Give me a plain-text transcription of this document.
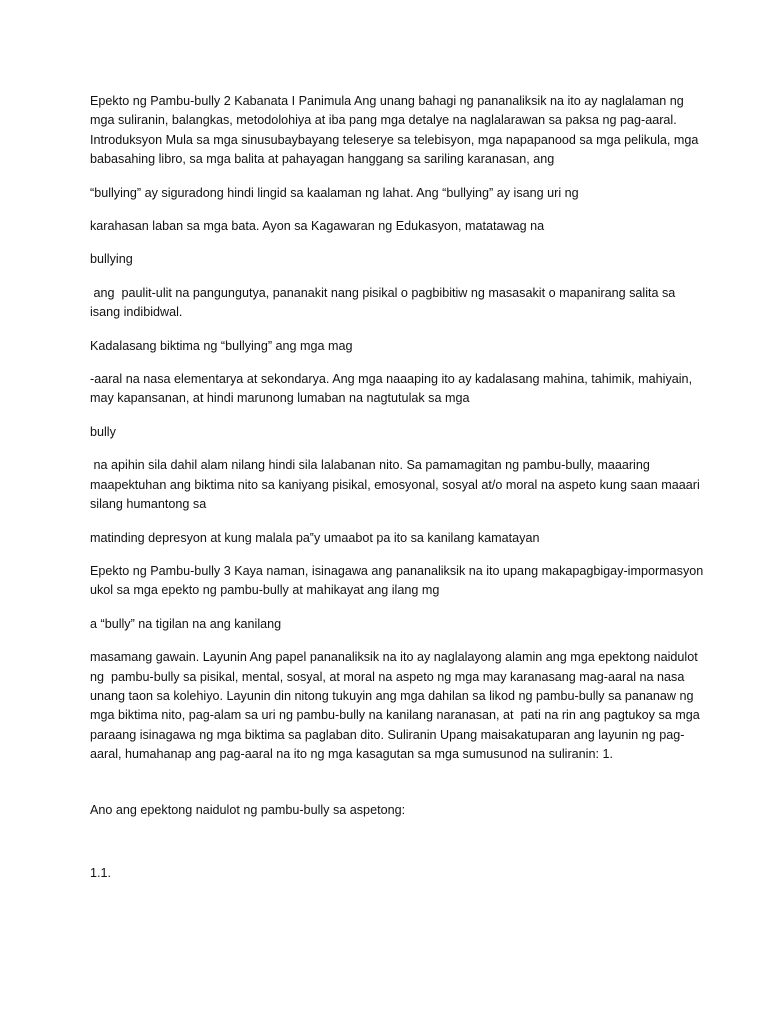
Epekto ng Pambu-bully 2 Kabanata I Panimula Ang unang bahagi ng pananaliksik na ito ay naglalaman ng mga suliranin, balangkas, metodolohiya at iba pang mga detalye na naglalarawan sa paksa ng pag-aaral. Introduksyon Mula sa mga sinusubaybayang teleserye sa telebisyon, mga napapanood sa mga pelikula, mga babasahing libro, sa mga balita at pahayagan hanggang sa sariling karanasan, ang

“bullying” ay siguradong hindi lingid sa kaalaman ng lahat. Ang “bullying” ay isang uri ng

karahasan laban sa mga bata. Ayon sa Kagawaran ng Edukasyon, matatawag na

bullying

ang  paulit-ulit na pangungutya, pananakit nang pisikal o pagbibitiw ng masasakit o mapanirang salita sa isang indibidwal.

Kadalasang biktima ng “bullying” ang mga mag

-aaral na nasa elementarya at sekondarya. Ang mga naaaping ito ay kadalasang mahina, tahimik, mahiyain, may kapansanan, at hindi marunong lumaban na nagtutulak sa mga

bully

na apihin sila dahil alam nilang hindi sila lalabanan nito. Sa pamamagitan ng pambu-bully, maaaring maapektuhan ang biktima nito sa kaniyang pisikal, emosyonal, sosyal at/o moral na aspeto kung saan maaari silang humantong sa

matinding depresyon at kung malala pa‟y umaabot pa ito sa kanilang kamatayan

Epekto ng Pambu-bully 3 Kaya naman, isinagawa ang pananaliksik na ito upang makapagbigay-impormasyon ukol sa mga epekto ng pambu-bully at mahikayat ang ilang mg

a “bully” na tigilan na ang kanilang

masamang gawain. Layunin Ang papel pananaliksik na ito ay naglalayong alamin ang mga epektong naidulot ng  pambu-bully sa pisikal, mental, sosyal, at moral na aspeto ng mga may karanasang mag-aaral na nasa unang taon sa kolehiyo. Layunin din nitong tukuyin ang mga dahilan sa likod ng pambu-bully sa pananaw ng mga biktima nito, pag-alam sa uri ng pambu-bully na kanilang naranasan, at  pati na rin ang pagtukoy sa mga paraang isinagawa ng mga biktima sa paglaban dito. Suliranin Upang maisakatuparan ang layunin ng pag-aaral, humahanap ang pag-aaral na ito ng mga kasagutan sa mga sumusunod na suliranin: 1.

Ano ang epektong naidulot ng pambu-bully sa aspetong:

1.1.
